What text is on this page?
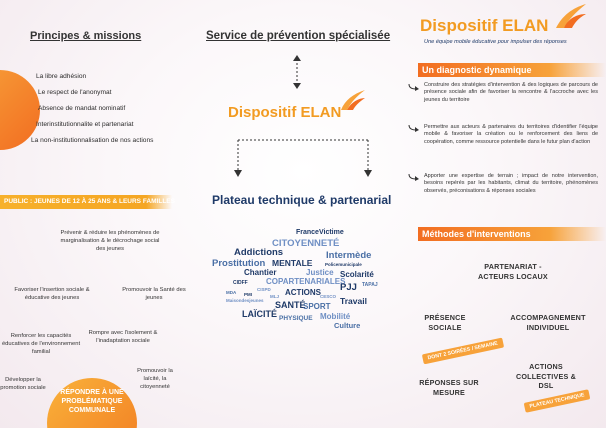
Principes & missions
La libre adhésion
Le respect de l'anonymat
Absence de mandat nominatif
Interinstitutionnalite et partenariat
La non-institutionnalisation de nos actions
PUBLIC : JEUNES DE 12 À 25 ANS & LEURS FAMILLES
Prévenir & réduire les phénomènes de marginalisation & le décrochage social des jeunes
Favoriser l'insertion sociale & éducative des jeunes
Promouvoir la Santé des jeunes
Renforcer les capacités éducatives de l'environnement familial
Rompre avec l'isolement & l'inadaptation sociale
Promouvoir la laïcité, la citoyenneté
Développer la promotion sociale
RÉPONDRE À UNE PROBLÉMATIQUE COMMUNALE
Service de prévention spécialisée
Dispositif ELAN
Plateau technique & partenarial
FranceVictime
CITOYENNETÉ
Addictions	Intermède
Prostitution MENTALE	Policemunicipale
Justice
Chantier	Scolarité
COPARTENARIALES	TAPAJ
CIDFF
CISPD	PJJ
MDA PMI	ACTIONS
Travail
Maisondesjeunes
MLJ	CESCO
SANTÉ
SPORT
LAÏCITÉ	Mobilité
PHYSIQUE
Culture
Dispositif ELAN
Une équipe mobile éducative pour impulser des réponses
Un diagnostic dynamique
Construire des stratégies d'intervention & des logiques de parcours de présence sociale afin de favoriser la rencontre & l'accroche avec les jeunes du territoire
Permettre aux acteurs & partenaires du territoires d'identifier l'équipe mobile & favoriser la création ou le renforcement des liens de coopération, comme ressource potentielle dans le futur plan d'action
Apporter une expertise de terrain ; impact de notre intervention, besoins repérés par les habitants, climat du territoire, phénomènes observés, préconisations & réponses sociales
Méthodes d'interventions
PARTENARIAT - ACTEURS LOCAUX
PRÉSENCE SOCIALE
DONT 2 SOIRÉES / SEMAINE
ACCOMPAGNEMENT INDIVIDUEL
RÉPONSES SUR MESURE
ACTIONS COLLECTIVES & DSL
PLATEAU TECHNIQUE
